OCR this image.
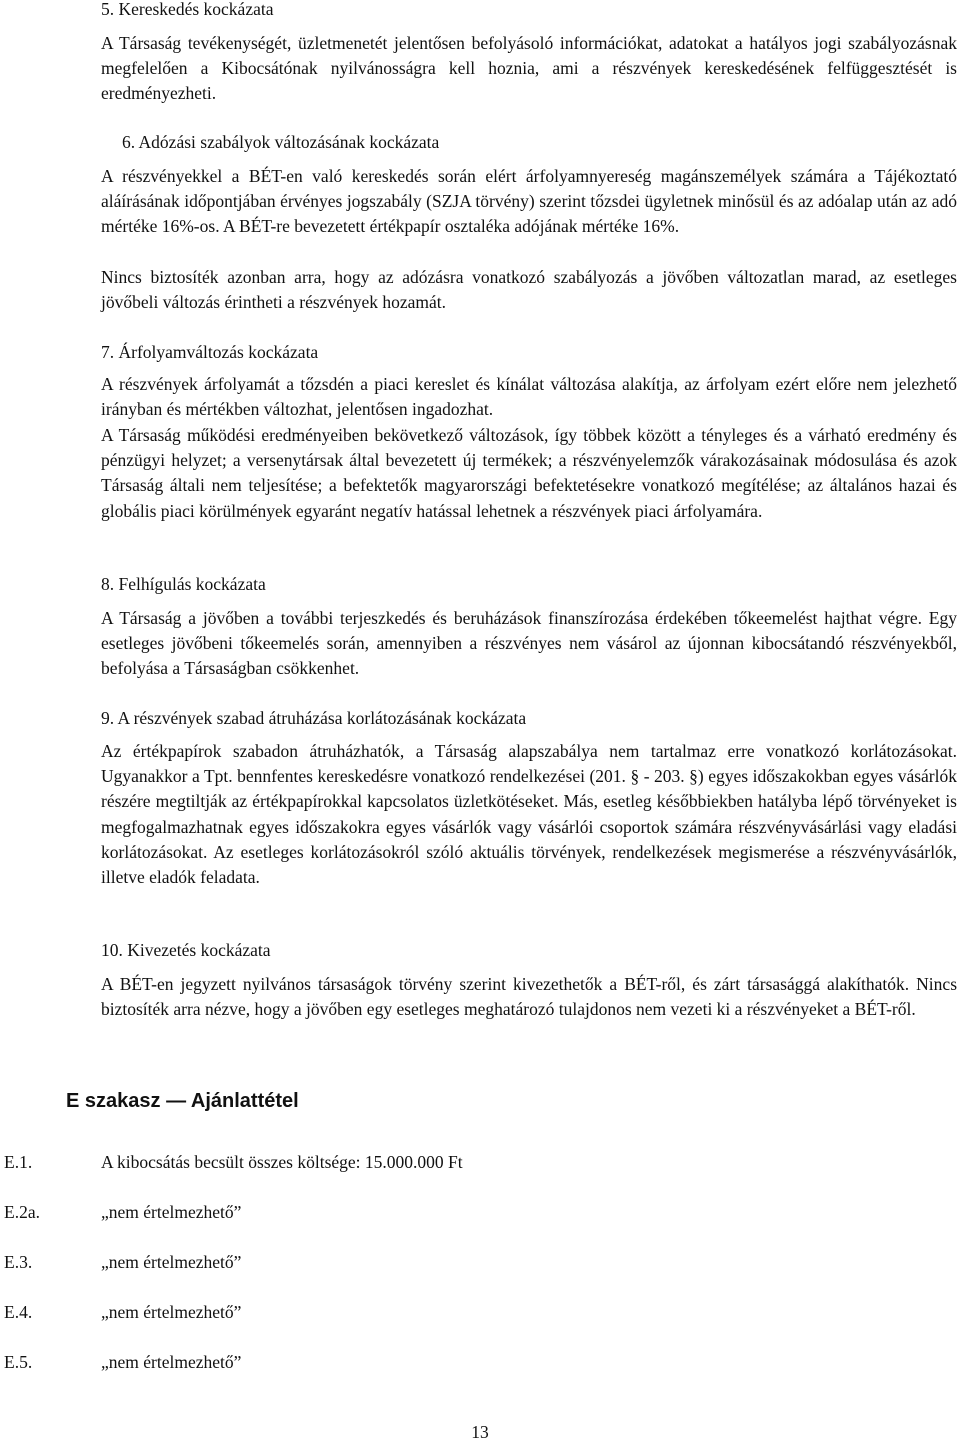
5. Kereskedés kockázata

A Társaság tevékenységét, üzletmenetét jelentősen befolyásoló információkat, adatokat a hatályos jogi szabályozásnak megfelelően a Kibocsátónak nyilvánosságra kell hoznia, ami a részvények kereskedésének felfüggesztését is eredményezheti.

6. Adózási szabályok változásának kockázata

A részvényekkel a BÉT-en való kereskedés során elért árfolyamnyereség magánszemélyek számára a Tájékoztató aláírásának időpontjában érvényes jogszabály (SZJA törvény) szerint tőzsdei ügyletnek minősül és az adóalap után az adó mértéke 16%-os. A BÉT-re bevezetett értékpapír osztaléka adójának mértéke 16%.

Nincs biztosíték azonban arra, hogy az adózásra vonatkozó szabályozás a jövőben változatlan marad, az esetleges jövőbeli változás érintheti a részvények hozamát.

7. Árfolyamváltozás kockázata

A részvények árfolyamát a tőzsdén a piaci kereslet és kínálat változása alakítja, az árfolyam ezért előre nem jelezhető irányban és mértékben változhat, jelentősen ingadozhat.

A Társaság működési eredményeiben bekövetkező változások, így többek között a tényleges és a várható eredmény és pénzügyi helyzet; a versenytársak által bevezetett új termékek; a részvényelemzők várakozásainak módosulása és azok Társaság általi nem teljesítése; a befektetők magyarországi befektetésekre vonatkozó megítélése; az általános hazai és globális piaci körülmények egyaránt negatív hatással lehetnek a részvények piaci árfolyamára.

8. Felhígulás kockázata

A Társaság a jövőben a további terjeszkedés és beruházások finanszírozása érdekében tőkeemelést hajthat végre. Egy esetleges jövőbeni tőkeemelés során, amennyiben a részvényes nem vásárol az újonnan kibocsátandó részvényekből, befolyása a Társaságban csökkenhet.

9. A részvények szabad átruházása korlátozásának kockázata

Az értékpapírok szabadon átruházhatók, a Társaság alapszabálya nem tartalmaz erre vonatkozó korlátozásokat. Ugyanakkor a Tpt. bennfentes kereskedésre vonatkozó rendelkezései (201. § - 203. §) egyes időszakokban egyes vásárlók részére megtiltják az értékpapírokkal kapcsolatos üzletkötéseket. Más, esetleg későbbiekben hatályba lépő törvényeket is megfogalmazhatnak egyes időszakokra egyes vásárlók vagy vásárlói csoportok számára részvényvásárlási vagy eladási korlátozásokat. Az esetleges korlátozásokról szóló aktuális törvények, rendelkezések megismerése a részvényvásárlók, illetve eladók feladata.

10. Kivezetés kockázata

A BÉT-en jegyzett nyilvános társaságok törvény szerint kivezethetők a BÉT-ről, és zárt társasággá alakíthatók. Nincs biztosíték arra nézve, hogy a jövőben egy esetleges meghatározó tulajdonos nem vezeti ki a részvényeket a BÉT-ről.

E szakasz — Ajánlattétel

E.1.	A kibocsátás becsült összes költsége: 15.000.000 Ft

E.2a.	„nem értelmezhető”

E.3.	„nem értelmezhető”

E.4.	„nem értelmezhető”

E.5.	„nem értelmezhető”

13
